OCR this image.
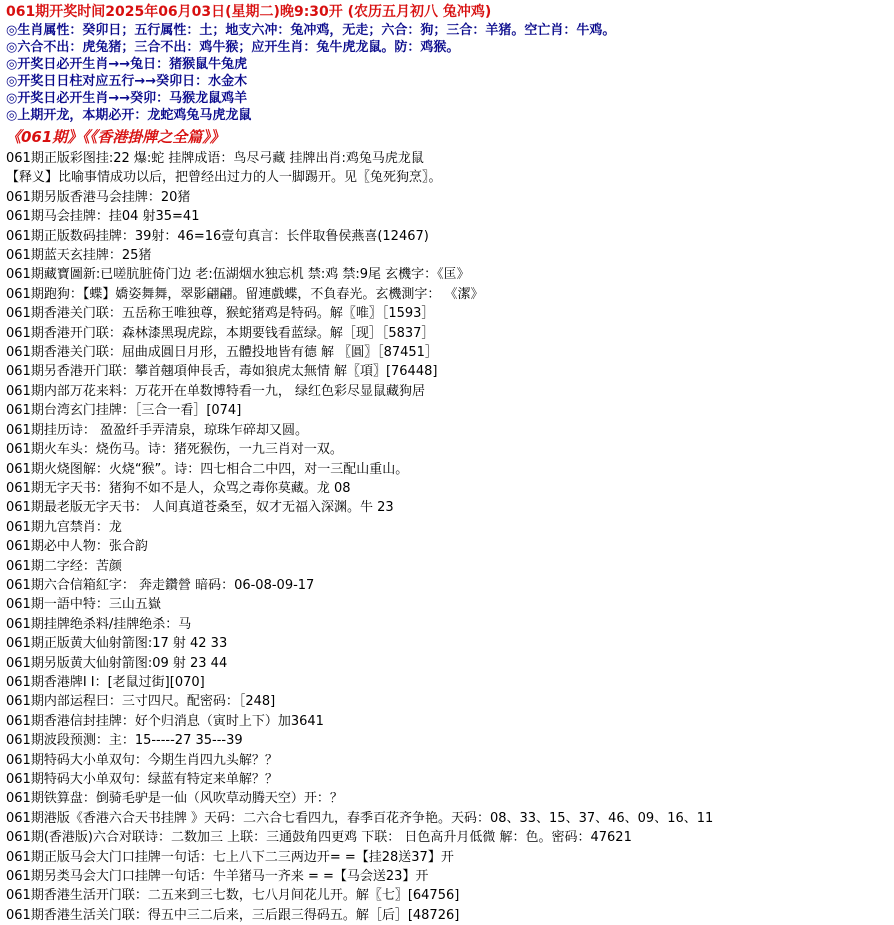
061期开奖时间2025年06月03日(星期二)晚9:30开 (农历五月初八 兔冲鸡)
◎生肖属性：癸卯日；五行属性：土；地支六冲：兔冲鸡，无走；六合：狗；三合：羊猪。空亡肖：牛鸡。
◎六合不出：虎兔猪；三合不出：鸡牛猴；应开生肖：兔牛虎龙鼠。防：鸡猴。
◎开奖日必开生肖→→兔日：猪猴鼠牛兔虎
◎开奖日日柱对应五行→→癸卯日：水金木
◎开奖日必开生肖→→癸卯：马猴龙鼠鸡羊
◎上期开龙，本期必开：龙蛇鸡兔马虎龙鼠
《061期》《《香港掛牌之全篇》》
061期正版彩图挂:22 爆:蛇 挂牌成语：鸟尽弓藏 挂牌出肖:鸡兔马虎龙鼠
【释义】比喻事情成功以后，把曾经出过力的人一脚踢开。见〖兔死狗烹〗。
061期另版香港马会挂牌：20猪
061期马会挂牌：挂04 射35=41
061期正版数码挂牌：39射：46=16壹句真言：长伴取鲁侯燕喜(12467)
061期蓝天玄挂牌：25猪
061期藏寶圖新:已嗟肮脏倚门边 老:伍湖烟水独忘机 禁:鸡 禁:9尾 玄機字：《匡》
061期跑狗：【蝶】嬌姿舞舞，翠影翩翩。留連戲蝶，不負春光。玄機測字： 《潔》
061期香港关门联：五岳称王唯独尊，猴蛇猪鸡是特码。解〖唯〗［1593］
061期香港开门联：森林漆黑現虎踪，本期要钱看蓝绿。解［现］［5837］
061期香港关门联：屈曲成圓日月形，五體投地皆有德 解 〖圓〗［87451］
061期另香港开门联：攀首翹項伸長舌，毒如狼虎太無情 解〖項〗[76448]
061期内部万花来料：万花开在单数博特看一九， 绿红色彩尽显鼠藏狗居
061期台湾玄门挂牌：［三合一看］[074]
061期挂历诗： 盈盈纤手弄清泉，琼珠乍碎却又圆。
061期火车头：烧伤马。诗：猪死猴伤，一九三肖对一双。
061期火烧图解：火烧“猴”。诗：四七相合二中四，对一三配山重山。
061期无字天书：猪狗不如不是人，众骂之毒你莫藏。龙 08
061期最老版无字天书： 人间真道苍桑至，奴才无福入深渊。牛 23
061期九宫禁肖：龙
061期必中人物：张合韵
061期二字经：苦颜
061期六合信箱紅字： 奔走鑽營 暗码：06-08-09-17
061期一語中特：三山五嶽
061期挂牌绝杀料/挂牌绝杀：马
061期正版黄大仙射箭图:17 射 42 33
061期另版黄大仙射箭图:09 射 23 44
061期香港牌I I：[老鼠过街][070]
061期内部运程曰：三寸四尺。配密码：［248]
061期香港信封挂牌：好个归消息（寅时上下）加3641
061期波段预测：主：15-----27 35---39
061期特码大小单双句：今期生肖四九头解？？
061期特码大小单双句：绿蓝有特定来单解？？
061期铁算盘：倒骑毛驴是一仙（风吹草动腾天空）开：？
061期港版《香港六合天书挂牌 》天码：二六合七看四九，春季百花齐争艳。天码：08、33、15、37、46、09、16、11
061期(香港版)六合对联诗：二数加三 上联：三通鼓角四更鸡 下联： 日色高升月低微 解：色。密码：47621
061期正版马会大门口挂牌一句话：七上八下二三两边开= =【挂28送37】开
061期另类马会大门口挂牌一句话：牛羊猪马一齐来 = =【马会送23】开
061期香港生活开门联：二五来到三七数，七八月间花儿开。解〖七〗[64756]
061期香港生活关门联：得五中三二后来，三后跟三得码五。解［后］[48726]
